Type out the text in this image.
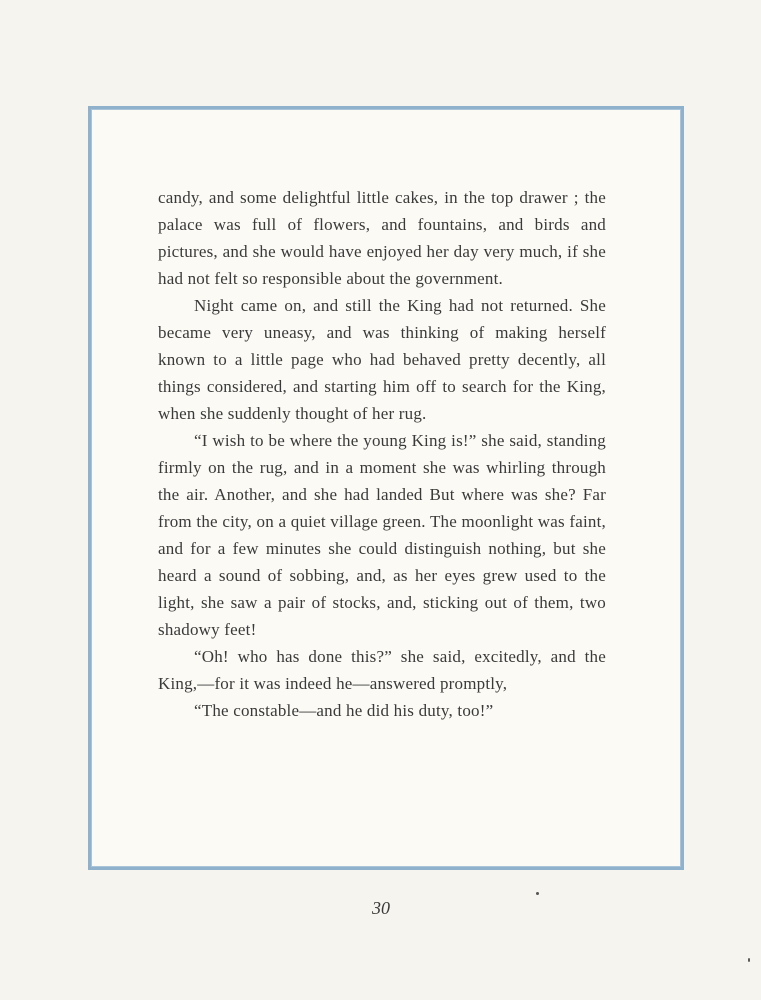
candy, and some delightful little cakes, in the top drawer ; the palace was full of flowers, and fountains, and birds and pictures, and she would have enjoyed her day very much, if she had not felt so responsible about the government.

Night came on, and still the King had not returned. She became very uneasy, and was thinking of making herself known to a little page who had behaved pretty decently, all things considered, and starting him off to search for the King, when she suddenly thought of her rug.

“I wish to be where the young King is!” she said, standing firmly on the rug, and in a moment she was whirling through the air. Another, and she had landed But where was she? Far from the city, on a quiet village green. The moonlight was faint, and for a few minutes she could distinguish nothing, but she heard a sound of sobbing, and, as her eyes grew used to the light, she saw a pair of stocks, and, sticking out of them, two shadowy feet!

“Oh! who has done this?” she said, excitedly, and the King,—for it was indeed he—answered promptly,

“The constable—and he did his duty, too!”

30
